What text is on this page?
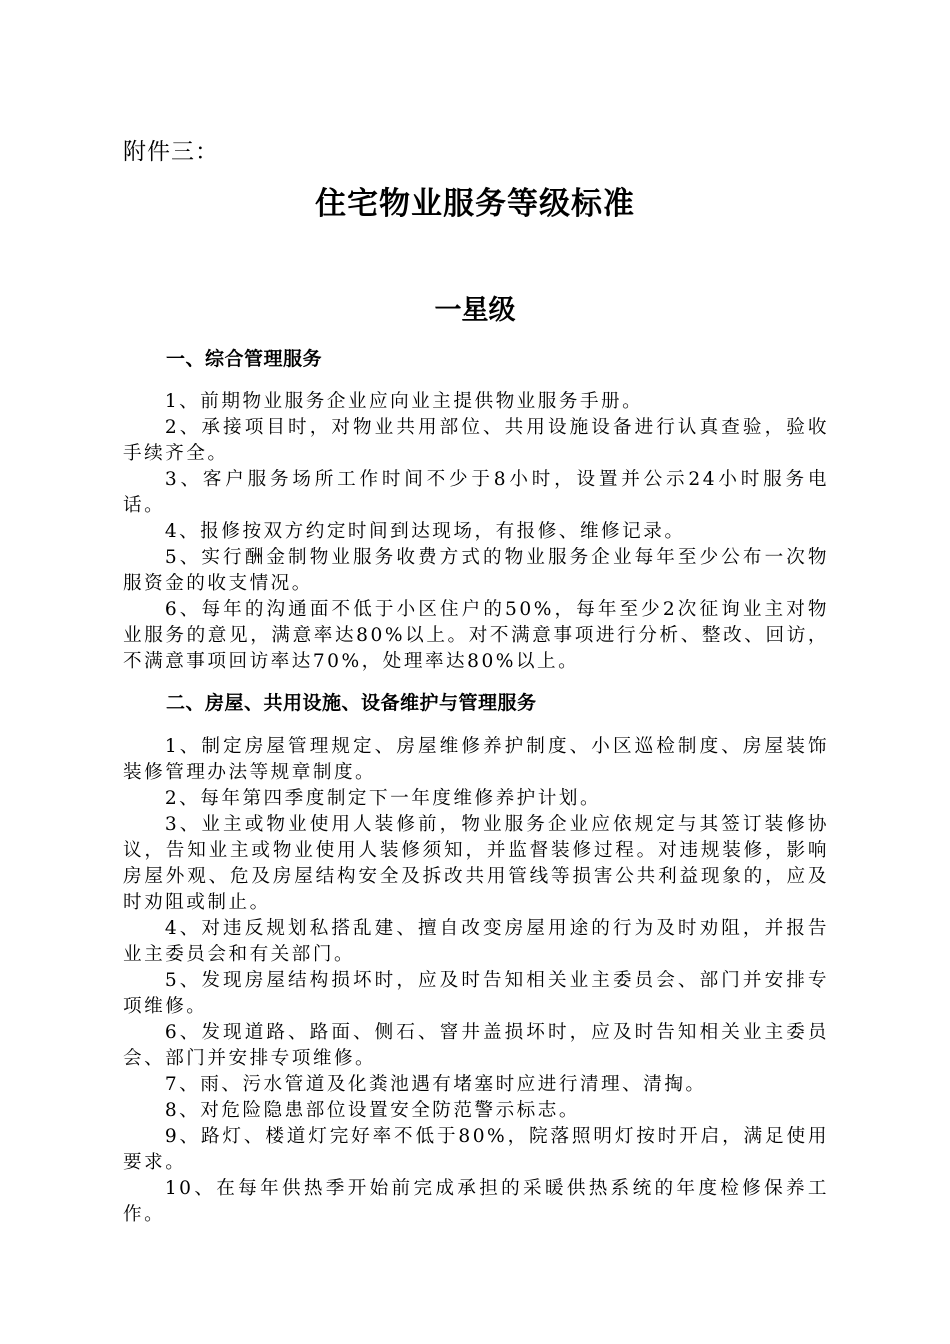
附件三：
住宅物业服务等级标准
一星级
一、综合管理服务

1、前期物业服务企业应向业主提供物业服务手册。

2、承接项目时，对物业共用部位、共用设施设备进行认真查验，验收手续齐全。

3、客户服务场所工作时间不少于8小时，设置并公示24小时服务电话。

4、报修按双方约定时间到达现场，有报修、维修记录。

5、实行酬金制物业服务收费方式的物业服务企业每年至少公布一次物服资金的收支情况。

6、每年的沟通面不低于小区住户的50%，每年至少2次征询业主对物业服务的意见，满意率达80%以上。对不满意事项进行分析、整改、回访，不满意事项回访率达70%，处理率达80%以上。

二、房屋、共用设施、设备维护与管理服务

1、制定房屋管理规定、房屋维修养护制度、小区巡检制度、房屋装饰装修管理办法等规章制度。

2、每年第四季度制定下一年度维修养护计划。

3、业主或物业使用人装修前，物业服务企业应依规定与其签订装修协议，告知业主或物业使用人装修须知，并监督装修过程。对违规装修，影响房屋外观、危及房屋结构安全及拆改共用管线等损害公共利益现象的，应及时劝阻或制止。

4、对违反规划私搭乱建、擅自改变房屋用途的行为及时劝阻，并报告业主委员会和有关部门。

5、发现房屋结构损坏时，应及时告知相关业主委员会、部门并安排专项维修。

6、发现道路、路面、侧石、窨井盖损坏时，应及时告知相关业主委员会、部门并安排专项维修。

7、雨、污水管道及化粪池遇有堵塞时应进行清理、清掏。

8、对危险隐患部位设置安全防范警示标志。

9、路灯、楼道灯完好率不低于80%，院落照明灯按时开启，满足使用要求。

10、在每年供热季开始前完成承担的采暖供热系统的年度检修保养工作。
